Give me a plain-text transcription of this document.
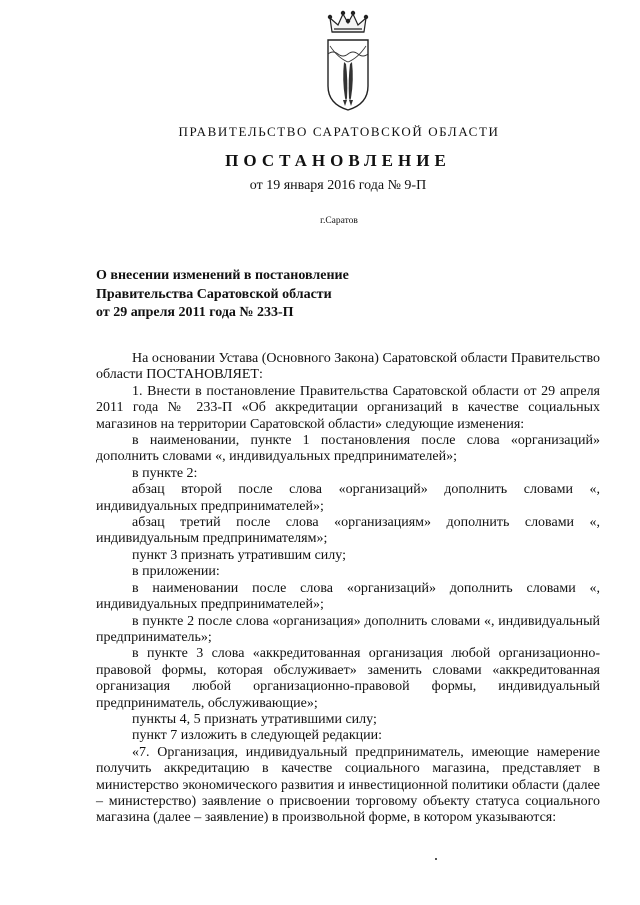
ПРАВИТЕЛЬСТВО САРАТОВСКОЙ ОБЛАСТИ
ПОСТАНОВЛЕНИЕ
от 19 января 2016 года № 9-П
г.Саратов
О внесении изменений в постановление
Правительства Саратовской области
от 29 апреля 2011 года № 233-П

На основании Устава (Основного Закона) Саратовской области Правительство области ПОСТАНОВЛЯЕТ:

1. Внести в постановление Правительства Саратовской области от 29 апреля 2011 года № 233-П «Об аккредитации организаций в качестве социальных магазинов на территории Саратовской области» следующие изменения:

в наименовании, пункте 1 постановления после слова «организаций» дополнить словами «, индивидуальных предпринимателей»;

в пункте 2:

абзац второй после слова «организаций» дополнить словами «, индивидуальных предпринимателей»;

абзац третий после слова «организациям» дополнить словами «, индивидуальным предпринимателям»;

пункт 3 признать утратившим силу;

в приложении:

в наименовании после слова «организаций» дополнить словами «, индивидуальных предпринимателей»;

в пункте 2 после слова «организация» дополнить словами «, индивидуальный предприниматель»;

в пункте 3 слова «аккредитованная организация любой организационно-правовой формы, которая обслуживает» заменить словами «аккредитованная организация любой организационно-правовой формы, индивидуальный предприниматель, обслуживающие»;

пункты 4, 5 признать утратившими силу;

пункт 7 изложить в следующей редакции:

«7. Организация, индивидуальный предприниматель, имеющие намерение получить аккредитацию в качестве социального магазина, представляет в министерство экономического развития и инвестиционной политики области (далее – министерство) заявление о присвоении торговому объекту статуса социального магазина (далее – заявление) в произвольной форме, в котором указываются:
